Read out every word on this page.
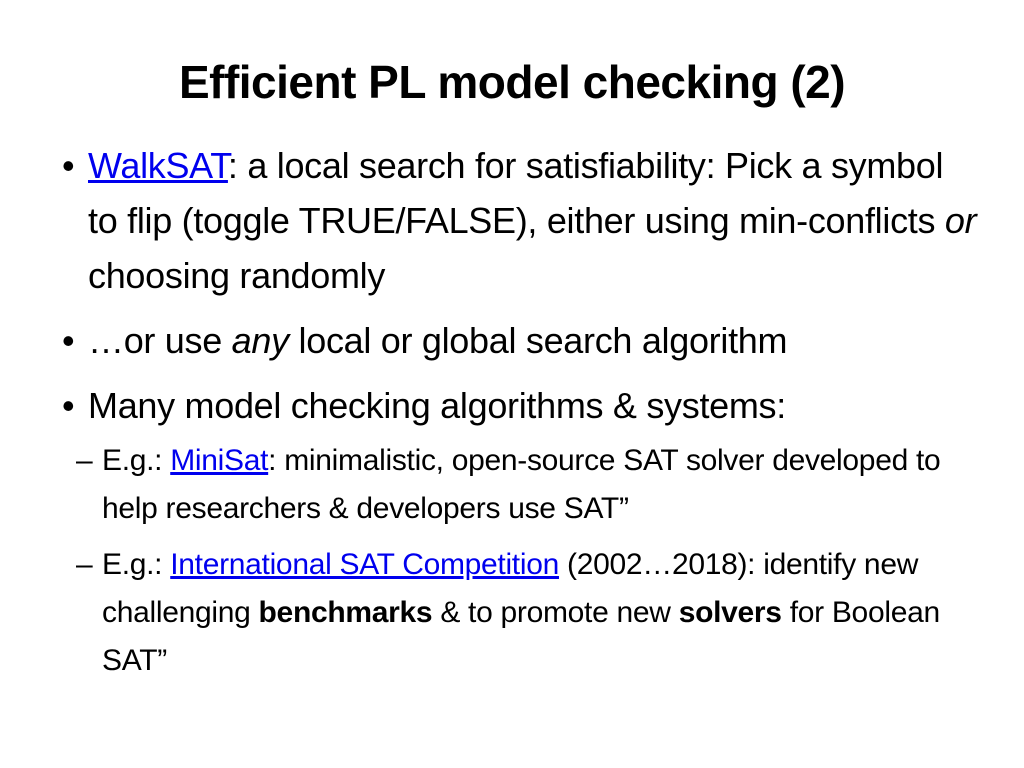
Efficient PL model checking (2)
• WalkSAT: a local search for satisfiability: Pick a symbol to flip (toggle TRUE/FALSE), either using min-conflicts or choosing randomly
• …or use any local or global search algorithm
• Many model checking algorithms & systems:
– E.g.: MiniSat: minimalistic, open-source SAT solver developed to help researchers & developers use SAT”
– E.g.: International SAT Competition (2002…2018): identify new challenging benchmarks & to promote new solvers for Boolean SAT”
